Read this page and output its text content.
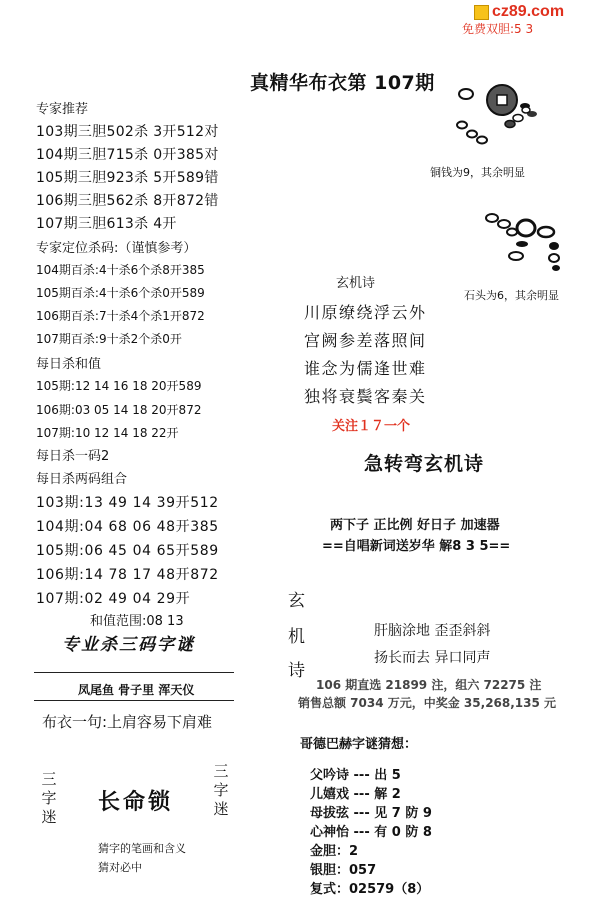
cz89.com
免费双胆:5 3
真精华布衣第 107期
专家推荐
103期三胆502杀 3开512对
104期三胆715杀 0开385对
105期三胆923杀 5开589错
106期三胆562杀 8开872错
107期三胆613杀 4开
专家定位杀码:（谨慎参考）
104期百杀:4十杀6个杀8开385
105期百杀:4十杀6个杀0开589
106期百杀:7十杀4个杀1开872
107期百杀:9十杀2个杀0开
每日杀和值
105期:12 14 16 18 20开589
106期:03 05 14 18 20开872
107期:10 12 14 18 22开
每日杀一码2
每日杀两码组合
103期:13 49 14 39开512
104期:04 68 06 48开385
105期:06 45 04 65开589
106期:14 78 17 48开872
107期:02 49 04 29开
和值范围:08 13
专业杀三码字谜
凤尾鱼 骨子里 浑天仪
布衣一句:上肩容易下肩难
三字迷
长命锁
三字迷
猜字的笔画和含义
猜对必中
铜钱为9，其余明显
石头为6，其余明显
玄机诗
川原缭绕浮云外
宫阙参差落照间
谁念为儒逢世难
独将衰鬓客秦关
关注１７一个
急转弯玄机诗
两下子 正比例 好日子 加速器
==自唱新词送岁华 解8 3 5==
玄
机
诗
肝脑涂地 歪歪斜斜
扬长而去 异口同声
106 期直选 21899 注，组六 72275 注
销售总额 7034 万元，中奖金 35,268,135 元
哥德巴赫字谜猜想：
父吟诗 --- 出 5
儿嬉戏 --- 解 2
母拔弦 --- 见 7 防 9
心神怡 --- 有 0 防 8
金胆：2
银胆：057
复式：02579（8）
